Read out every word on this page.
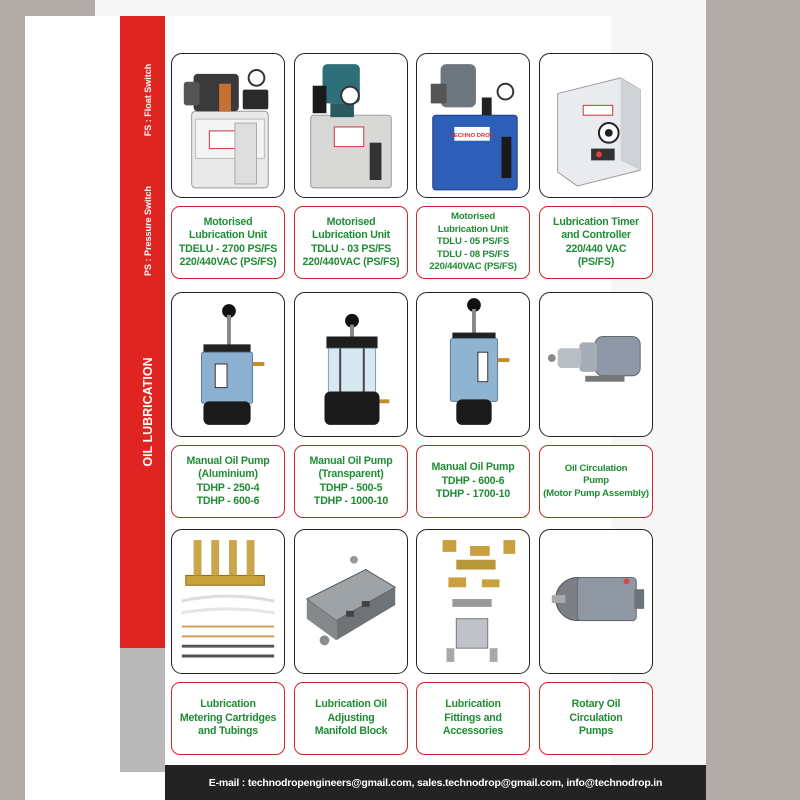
FS : Float Switch
PS : Pressure Switch
OIL LUBRICATION
TECHNO DROP
Motorised
Lubrication Unit
TDELU - 2700 PS/FS
220/440VAC (PS/FS)
Motorised
Lubrication Unit
TDLU - 03 PS/FS
220/440VAC (PS/FS)
Motorised
Lubrication Unit
TDLU - 05 PS/FS
TDLU - 08 PS/FS
220/440VAC (PS/FS)
Lubrication Timer
and Controller
220/440 VAC
(PS/FS)
Manual Oil Pump
(Aluminium)
TDHP - 250-4
TDHP - 600-6
Manual Oil Pump
(Transparent)
TDHP - 500-5
TDHP - 1000-10
Manual Oil Pump
TDHP - 600-6
TDHP - 1700-10
Oil Circulation
Pump
(Motor Pump Assembly)
Lubrication
Metering Cartridges
and Tubings
Lubrication Oil
Adjusting
Manifold Block
Lubrication
Fittings and
Accessories
Rotary Oil
Circulation
Pumps
E-mail : technodropengineers@gmail.com, sales.technodrop@gmail.com, info@technodrop.in
